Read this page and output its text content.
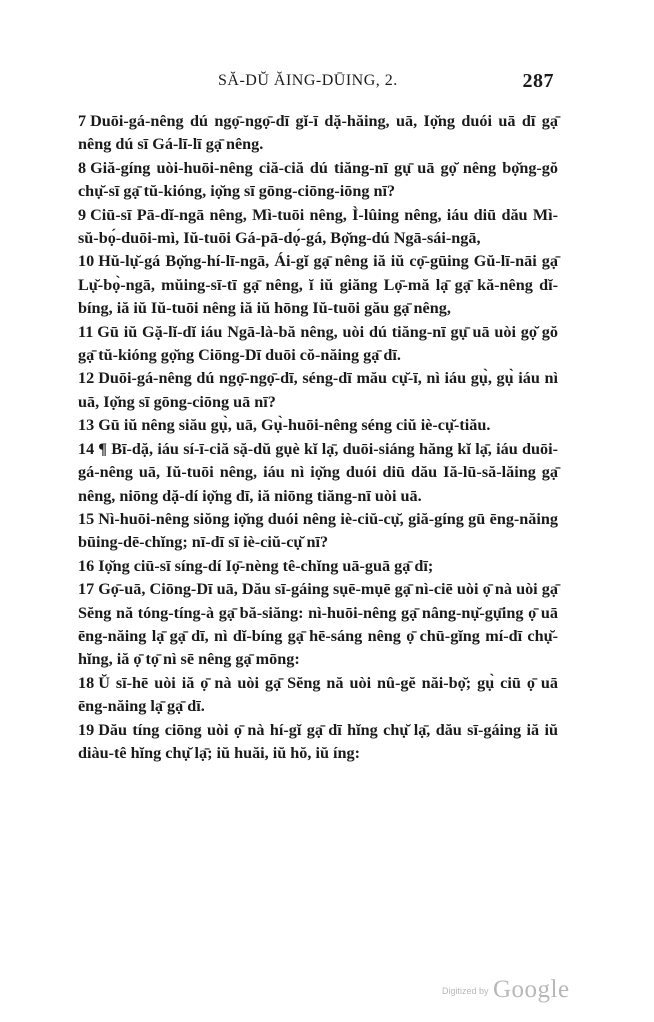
SĂ-DŬ ĂING-DŪING, 2.	287

7 Duōi-gá-nêng dú ngọ̄-ngọ̄-dī gĭ-ī dặ-hăing, uā, Iọ̆ng duói uā dī gạ̄ nêng dú sī Gá-lī-lī gạ̄ nêng.

8 Giă-gíng uòi-huōi-nêng ciă-ciă dú tiăng-nī gụ̄ uā gọ̆ nêng bọ̆ng-gŏ chụ̆-sī gạ̄ tŭ-kióng, iọ̆ng sī gōng-ciōng-iōng nī?

9 Ciū-sī Pā-dĭ-ngā nêng, Mì-tuōi nêng, Ì-lûing nêng, iáu diū dău Mì-sŭ-bọ́-duōi-mì, Iŭ-tuōi Gá-pā-dọ́-gá, Bọ̆ng-dú Ngā-sái-ngā,

10 Hŭ-lụ̆-gá Bọ̆ng-hí-lī-ngā, Ái-gĭ gạ̄ nêng iă iŭ cọ̄-gūing Gŭ-lī-nāi gạ̄ Lụ̆-bọ̀-ngā, mŭing-sī-tī gạ̄ nêng, ĭ iŭ giăng Lọ̄-mă lạ̄ gạ̄ kă-nêng dĭ-bíng, iă iŭ Iŭ-tuōi nêng iă iŭ hōng Iŭ-tuōi gău gạ̄ nêng,

11 Gū iŭ Gặ-lĭ-dĭ iáu Ngā-là-bă nêng, uòi dú tiăng-nī gụ̄ uā uòi gọ̆ gŏ gạ̄ tŭ-kióng gọ̆ng Ciōng-Dī duōi cŏ-năing gạ̄ dī.

12 Duōi-gá-nêng dú ngọ̄-ngọ̄-dī, séng-dī mău cụ̆-ī, nì iáu gụ̀, gụ̀ iáu nì uā, Iọ̆ng sī gōng-ciōng uā nī?

13 Gū iŭ nêng siău gụ̀, uā, Gụ̀-huōi-nêng séng ciŭ iè-cụ̆-tiău.

14 ¶ Bī-dặ, iáu sí-ī-ciă sặ-dŭ gụè kĭ lạ̄, duōi-siáng hăng kĭ lạ̄, iáu duōi-gá-nêng uā, Iŭ-tuōi nêng, iáu nì iọ̆ng duói diū dău Iă-lū-să-lăing gạ̄ nêng, niōng dặ-dí iọ̆ng dī, iă niōng tiăng-nī uòi uā.

15 Nì-huōi-nêng siŏng iọ̆ng duói nêng iè-ciŭ-cụ̆, giă-gíng gū ēng-năing būing-dē-chĭng; nī-dī sī iè-ciŭ-cụ̆ nī?

16 Iọ̆ng ciū-sī síng-dí Iọ̄-nèng tê-chĭng uā-guā gạ̄ dī;

17 Gọ̄-uā, Ciōng-Dī uā, Dău sī-gáing sụē-mụē gạ̄ nì-ciē uòi ọ̄ nà uòi gạ̄ Sĕng nă tóng-tíng-à gạ̄ bă-siăng: nì-huōi-nêng gạ̄ nâng-nụ̆-gụ̄ing ọ̄ uā ēng-năing lạ̄ gạ̄ dī, nì dĭ-bíng gạ̄ hē-sáng nêng ọ̄ chū-gĭng mí-dī chụ̆-hĭng, iă ọ̄ tọ̄ nì sē nêng gạ̄ mōng:

18 Ŭ sī-hē uòi iă ọ̄ nà uòi gạ̄ Sĕng nă uòi nû-gĕ năi-bọ̆; gụ̀ ciū ọ̄ uā ēng-năing lạ̄ gạ̄ dī.

19 Dău tíng ciōng uòi ọ̄ nà hí-gĭ gạ̄ dī hĭng chụ̆ lạ̄, dău sī-gáing iă iŭ diàu-tê hĭng chụ̆ lạ̄; iŭ huăi, iŭ hŏ, iŭ íng:

Digitized by Google
